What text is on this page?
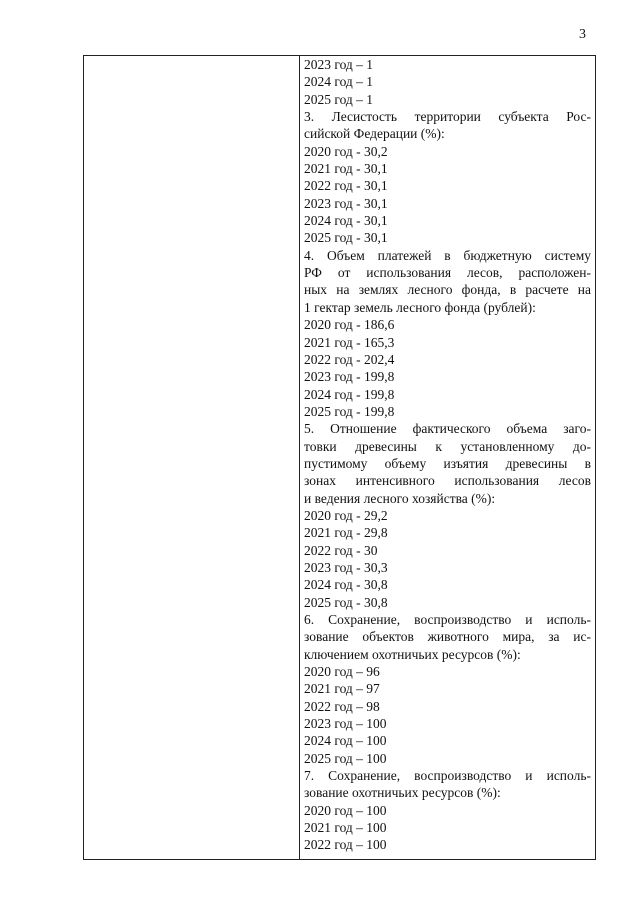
3
2023 год – 1
2024 год – 1
2025 год – 1
3. Лесистость территории субъекта Рос-
сийской Федерации (%):
2020 год - 30,2
2021 год - 30,1
2022 год - 30,1
2023 год - 30,1
2024 год - 30,1
2025 год - 30,1
4. Объем платежей в бюджетную систему
РФ от использования лесов, расположен-
ных на землях лесного фонда, в расчете на
1 гектар земель лесного фонда (рублей):
2020 год - 186,6
2021 год - 165,3
2022 год - 202,4
2023 год - 199,8
2024 год - 199,8
2025 год - 199,8
5. Отношение фактического объема заго-
товки древесины к установленному до-
пустимому объему изъятия древесины в
зонах интенсивного использования лесов
и ведения лесного хозяйства (%):
2020 год - 29,2
2021 год - 29,8
2022 год - 30
2023 год - 30,3
2024 год - 30,8
2025 год - 30,8
6. Сохранение, воспроизводство и исполь-
зование объектов животного мира, за ис-
ключением охотничьих ресурсов (%):
2020 год – 96
2021 год – 97
2022 год – 98
2023 год – 100
2024 год – 100
2025 год – 100
7. Сохранение, воспроизводство и исполь-
зование охотничьих ресурсов (%):
2020 год – 100
2021 год – 100
2022 год – 100
